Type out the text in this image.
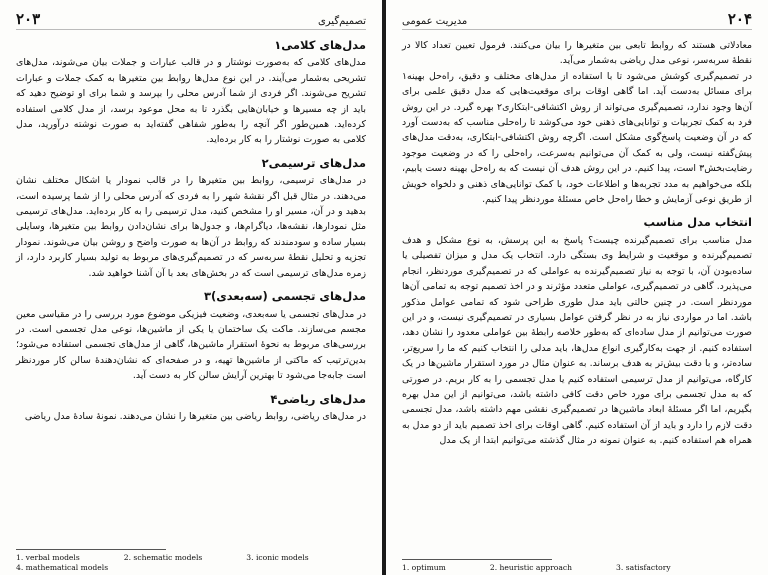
تصمیم‌گیری
۲۰۳
مدل‌های کلامی۱

مدل‌های کلامی که به‌صورت نوشتار و در قالب عبارات و جملات بیان می‌شوند، مدل‌های تشریحی به‌شمار می‌آیند. در این نوع مدل‌ها روابط بین متغیرها به کمک جملات و عبارات تشریح می‌شوند. اگر فردی از شما آدرس محلی را بپرسد و شما برای او توضیح دهید که باید از چه مسیرها و خیابان‌هایی بگذرد تا به محل موعود برسد، از مدل کلامی استفاده کرده‌اید. همین‌طور اگر آنچه را به‌طور شفاهی گفته‌اید به صورت نوشته درآورید، مدل کلامی به صورت نوشتار را به کار برده‌اید.

مدل‌های ترسیمی۲

در مدل‌های ترسیمی، روابط بین متغیرها را در قالب نمودار یا اشکال مختلف نشان می‌دهند. در مثال قبل اگر نقشهٔ شهر را به فردی که آدرس محلی را از شما پرسیده است، بدهید و در آن، مسیر او را مشخص کنید، مدل ترسیمی را به کار برده‌اید. مدل‌های ترسیمی مثل نمودارها، نقشه‌ها، دیاگرام‌ها، و جدول‌ها برای نشان‌دادن روابط بین متغیرها، وسایلی بسیار ساده و سودمندند که روابط در آن‌ها به صورت واضح و روشن بیان می‌شوند. نمودار تجزیه و تحلیل نقطهٔ سربه‌سر که در تصمیم‌گیری‌های مربوط به تولید بسیار کاربرد دارد، از زمره مدل‌های ترسیمی است که در بخش‌های بعد با آن آشنا خواهید شد.

مدل‌های تجسمی (سه‌بعدی)۳

در مدل‌های تجسمی یا سه‌بعدی، وضعیت فیزیکی موضوع مورد بررسی را در مقیاسی معین مجسم می‌سازند. ماکت یک ساختمان یا یکی از ماشین‌ها، نوعی مدل تجسمی است. در بررسی‌های مربوط به نحوهٔ استقرار ماشین‌ها، گاهی از مدل‌های تجسمی استفاده می‌شود؛ بدین‌ترتیب که ماکتی از ماشین‌ها تهیه، و در صفحه‌ای که نشان‌دهندهٔ سالن کار موردنظر است جابه‌جا می‌شود تا بهترین آرایش سالن کار به دست آید.

مدل‌های ریاضی۴

در مدل‌های ریاضی، روابط ریاضی بین متغیرها را نشان می‌دهند. نمونهٔ سادهٔ مدل ریاضی

1. verbal models	2. schematic models	3. iconic models
4. mathematical models
۲۰۴
مدیریت عمومی

معادلاتی هستند که روابط تابعی بین متغیرها را بیان می‌کنند. فرمول تعیین تعداد کالا در نقطهٔ سربه‌سر، نوعی مدل ریاضی به‌شمار می‌آید.

در تصمیم‌گیری کوشش می‌شود تا با استفاده از مدل‌های مختلف و دقیق، راه‌حل بهینه۱ برای مسائل به‌دست آید. اما گاهی اوقات برای موقعیت‌هایی که مدل دقیق علمی برای آن‌ها وجود ندارد، تصمیم‌گیری می‌تواند از روش اکتشافی-ابتکاری۲ بهره گیرد. در این روش فرد به کمک تجربیات و توانایی‌های ذهنی خود می‌کوشد تا راه‌حلی مناسب که به‌دست آورد که در آن وضعیت پاسخ‌گوی مشکل است. اگرچه روش اکتشافی-ابتکاری، به‌دقت مدل‌های پیش‌گفته نیست، ولی به کمک آن می‌توانیم به‌سرعت، راه‌حلی را که در وضعیت موجود رضایت‌بخش۳ است، پیدا کنیم. در این روش هدف آن نیست که به راه‌حل بهینه دست یابیم، بلکه می‌خواهیم به مدد تجربه‌ها و اطلاعات خود، با کمک توانایی‌های ذهنی و دلخواه خویش از طریق نوعی آزمایش و خطا راه‌حل خاص مسئلهٔ موردنظر پیدا کنیم.

انتخاب مدل مناسب

مدل مناسب برای تصمیم‌گیرنده چیست؟ پاسخ به این پرسش، به نوع مشکل و هدف تصمیم‌گیرنده و موقعیت و شرایط وی بستگی دارد. انتخاب یک مدل و میزان تفصیلی یا ساده‌بودن آن، با توجه به نیاز تصمیم‌گیرنده به عواملی که در تصمیم‌گیری موردنظر، انجام می‌پذیرد. گاهی در تصمیم‌گیری، عواملی متعدد مؤثرند و در اخذ تصمیم توجه به تمامی آن‌ها موردنظر است. در چنین حالتی باید مدل طوری طراحی شود که تمامی عوامل مذکور باشد. اما در مواردی نیاز به در نظر گرفتن عوامل بسیاری در تصمیم‌گیری نیست، و در این صورت می‌توانیم از مدل ساده‌ای که به‌طور خلاصه رابطهٔ بین عواملی معدود را نشان دهد، استفاده کنیم. از جهت به‌کارگیری انواع مدل‌ها، باید مدلی را انتخاب کنیم که ما را سریع‌تر، ساده‌تر، و با دقت بیش‌تر به هدف برساند. به عنوان مثال در مورد استقرار ماشین‌ها در یک کارگاه، می‌توانیم از مدل ترسیمی استفاده کنیم یا مدل تجسمی را به کار بریم. در صورتی که به مدل تجسمی برای مورد خاص دقت کافی داشته باشد، می‌توانیم از این مدل بهره بگیریم، اما اگر مسئلهٔ ابعاد ماشین‌ها در تصمیم‌گیری نقشی مهم داشته باشد، مدل تجسمی دقت لازم را دارد و باید از آن استفاده کنیم. گاهی اوقات برای اخذ تصمیم باید از دو مدل به همراه هم استفاده کنیم. به عنوان نمونه در مثال گذشته می‌توانیم ابتدا از یک مدل

1. optimum	2. heuristic approach	3. satisfactory
